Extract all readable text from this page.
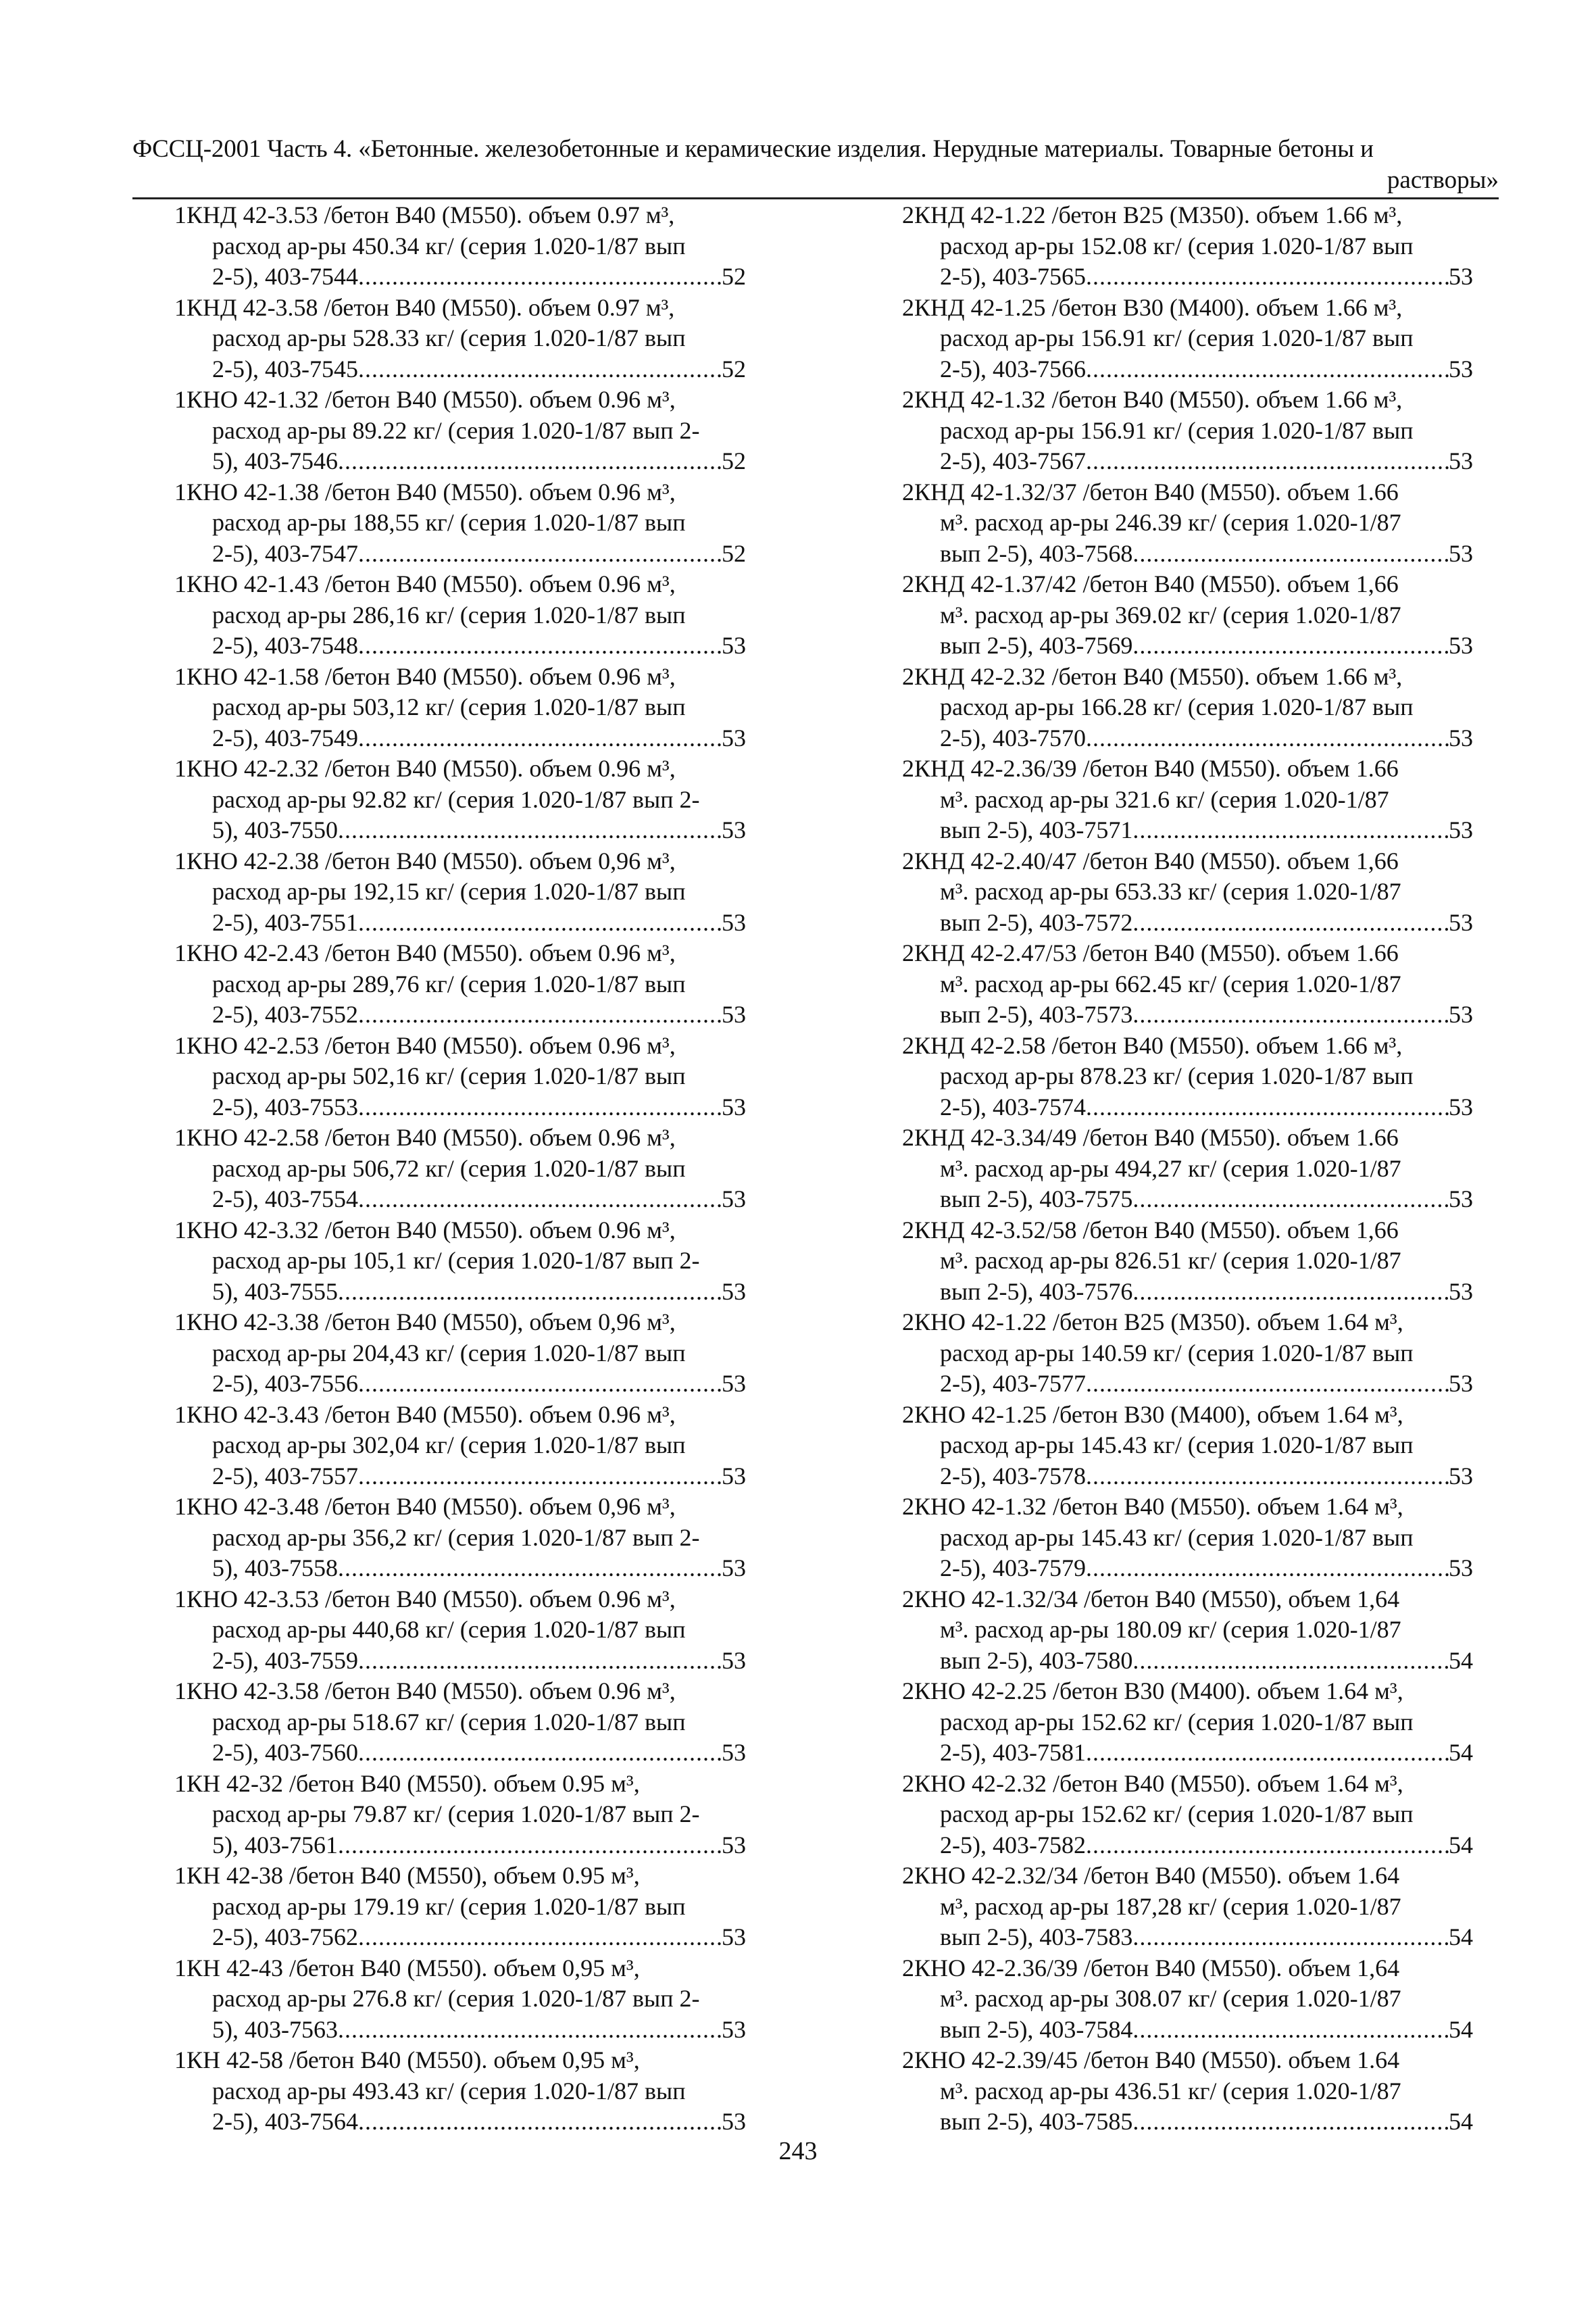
ФССЦ-2001 Часть 4. «Бетонные. железобетонные и керамические изделия. Нерудные материалы. Товарные бетоны и
растворы»
1КНД 42-3.53 /бетон В40 (М550). объем 0.97 м³,
расход ар-ры 450.34 кг/ (серия 1.020-1/87 вып
2-5), 403-7544 .....	52
1КНД 42-3.58 /бетон В40 (М550). объем 0.97 м³,
расход ар-ры 528.33 кг/ (серия 1.020-1/87 вып
2-5), 403-7545 .....	52
1КНО 42-1.32 /бетон В40 (М550). объем 0.96 м³,
расход ар-ры 89.22 кг/ (серия 1.020-1/87 вып 2-
5), 403-7546 .....	52
1КНО 42-1.38 /бетон В40 (М550). объем 0.96 м³,
расход ар-ры 188,55 кг/ (серия 1.020-1/87 вып
2-5), 403-7547 .....	52
1КНО 42-1.43 /бетон В40 (М550). объем 0.96 м³,
расход ар-ры 286,16 кг/ (серия 1.020-1/87 вып
2-5), 403-7548 .....	53
1КНО 42-1.58 /бетон В40 (М550). объем 0.96 м³,
расход ар-ры 503,12 кг/ (серия 1.020-1/87 вып
2-5), 403-7549 .....	53
1КНО 42-2.32 /бетон В40 (М550). объем 0.96 м³,
расход ар-ры 92.82 кг/ (серия 1.020-1/87 вып 2-
5), 403-7550 .....	53
1КНО 42-2.38 /бетон В40 (М550). объем 0,96 м³,
расход ар-ры 192,15 кг/ (серия 1.020-1/87 вып
2-5), 403-7551 .....	53
1КНО 42-2.43 /бетон В40 (М550). объем 0.96 м³,
расход ар-ры 289,76 кг/ (серия 1.020-1/87 вып
2-5), 403-7552 .....	53
1КНО 42-2.53 /бетон В40 (М550). объем 0.96 м³,
расход ар-ры 502,16 кг/ (серия 1.020-1/87 вып
2-5), 403-7553 .....	53
1КНО 42-2.58 /бетон В40 (М550). объем 0.96 м³,
расход ар-ры 506,72 кг/ (серия 1.020-1/87 вып
2-5), 403-7554 .....	53
1КНО 42-3.32 /бетон В40 (М550). объем 0.96 м³,
расход ар-ры 105,1 кг/ (серия 1.020-1/87 вып 2-
5), 403-7555 .....	53
1КНО 42-3.38 /бетон В40 (М550), объем 0,96 м³,
расход ар-ры 204,43 кг/ (серия 1.020-1/87 вып
2-5), 403-7556 .....	53
1КНО 42-3.43 /бетон В40 (М550). объем 0.96 м³,
расход ар-ры 302,04 кг/ (серия 1.020-1/87 вып
2-5), 403-7557 .....	53
1КНО 42-3.48 /бетон В40 (М550). объем 0,96 м³,
расход ар-ры 356,2 кг/ (серия 1.020-1/87 вып 2-
5), 403-7558 .....	53
1КНО 42-3.53 /бетон В40 (М550). объем 0.96 м³,
расход ар-ры 440,68 кг/ (серия 1.020-1/87 вып
2-5), 403-7559 .....	53
1КНО 42-3.58 /бетон В40 (М550). объем 0.96 м³,
расход ар-ры 518.67 кг/ (серия 1.020-1/87 вып
2-5), 403-7560 .....	53
1КН 42-32 /бетон В40 (М550). объем 0.95 м³,
расход ар-ры 79.87 кг/ (серия 1.020-1/87 вып 2-
5), 403-7561 .....	53
1КН 42-38 /бетон В40 (М550), объем 0.95 м³,
расход ар-ры 179.19 кг/ (серия 1.020-1/87 вып
2-5), 403-7562 .....	53
1КН 42-43 /бетон В40 (М550). объем 0,95 м³,
расход ар-ры 276.8 кг/ (серия 1.020-1/87 вып 2-
5), 403-7563 .....	53
1КН 42-58 /бетон В40 (М550). объем 0,95 м³,
расход ар-ры 493.43 кг/ (серия 1.020-1/87 вып
2-5), 403-7564 .....	53
2КНД 42-1.22 /бетон В25 (М350). объем 1.66 м³,
расход ар-ры 152.08 кг/ (серия 1.020-1/87 вып
2-5), 403-7565 .....	53
2КНД 42-1.25 /бетон В30 (М400). объем 1.66 м³,
расход ар-ры 156.91 кг/ (серия 1.020-1/87 вып
2-5), 403-7566 .....	53
2КНД 42-1.32 /бетон В40 (М550). объем 1.66 м³,
расход ар-ры 156.91 кг/ (серия 1.020-1/87 вып
2-5), 403-7567 .....	53
2КНД 42-1.32/37 /бетон В40 (М550). объем 1.66
м³. расход ар-ры 246.39 кг/ (серия 1.020-1/87
вып 2-5), 403-7568 .....	53
2КНД 42-1.37/42 /бетон В40 (М550). объем 1,66
м³. расход ар-ры 369.02 кг/ (серия 1.020-1/87
вып 2-5), 403-7569 .....	53
2КНД 42-2.32 /бетон В40 (М550). объем 1.66 м³,
расход ар-ры 166.28 кг/ (серия 1.020-1/87 вып
2-5), 403-7570 .....	53
2КНД 42-2.36/39 /бетон В40 (М550). объем 1.66
м³. расход ар-ры 321.6 кг/ (серия 1.020-1/87
вып 2-5), 403-7571 .....	53
2КНД 42-2.40/47 /бетон В40 (М550). объем 1,66
м³. расход ар-ры 653.33 кг/ (серия 1.020-1/87
вып 2-5), 403-7572 .....	53
2КНД 42-2.47/53 /бетон В40 (М550). объем 1.66
м³. расход ар-ры 662.45 кг/ (серия 1.020-1/87
вып 2-5), 403-7573 .....	53
2КНД 42-2.58 /бетон В40 (М550). объем 1.66 м³,
расход ар-ры 878.23 кг/ (серия 1.020-1/87 вып
2-5), 403-7574 .....	53
2КНД 42-3.34/49 /бетон В40 (М550). объем 1.66
м³. расход ар-ры 494,27 кг/ (серия 1.020-1/87
вып 2-5), 403-7575 .....	53
2КНД 42-3.52/58 /бетон В40 (М550). объем 1,66
м³. расход ар-ры 826.51 кг/ (серия 1.020-1/87
вып 2-5), 403-7576 .....	53
2КНО 42-1.22 /бетон В25 (М350). объем 1.64 м³,
расход ар-ры 140.59 кг/ (серия 1.020-1/87 вып
2-5), 403-7577 .....	53
2КНО 42-1.25 /бетон В30 (М400), объем 1.64 м³,
расход ар-ры 145.43 кг/ (серия 1.020-1/87 вып
2-5), 403-7578 .....	53
2КНО 42-1.32 /бетон В40 (М550). объем 1.64 м³,
расход ар-ры 145.43 кг/ (серия 1.020-1/87 вып
2-5), 403-7579 .....	53
2КНО 42-1.32/34 /бетон В40 (М550), объем 1,64
м³. расход ар-ры 180.09 кг/ (серия 1.020-1/87
вып 2-5), 403-7580 .....	54
2КНО 42-2.25 /бетон В30 (М400). объем 1.64 м³,
расход ар-ры 152.62 кг/ (серия 1.020-1/87 вып
2-5), 403-7581 .....	54
2КНО 42-2.32 /бетон В40 (М550). объем 1.64 м³,
расход ар-ры 152.62 кг/ (серия 1.020-1/87 вып
2-5), 403-7582 .....	54
2КНО 42-2.32/34 /бетон В40 (М550). объем 1.64
м³, расход ар-ры 187,28 кг/ (серия 1.020-1/87
вып 2-5), 403-7583 .....	54
2КНО 42-2.36/39 /бетон В40 (М550). объем 1,64
м³. расход ар-ры 308.07 кг/ (серия 1.020-1/87
вып 2-5), 403-7584 .....	54
2КНО 42-2.39/45 /бетон В40 (М550). объем 1.64
м³. расход ар-ры 436.51 кг/ (серия 1.020-1/87
вып 2-5), 403-7585 .....	54
243
